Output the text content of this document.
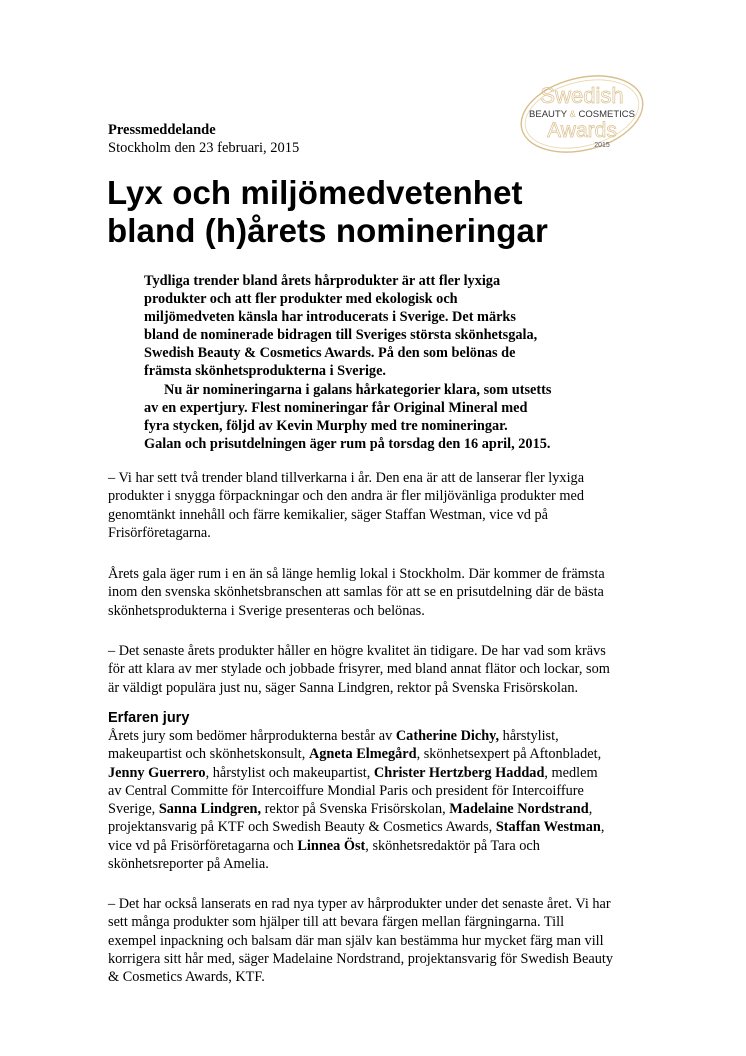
Swedish
BEAUTY & COSMETICS
Awards
2015
Pressmeddelande
Stockholm den 23 februari, 2015
Lyx och miljömedvetenhet
bland (h)årets nomineringar
Tydliga trender bland årets hårprodukter är att fler lyxiga
produkter och att fler produkter med ekologisk och
miljömedveten känsla har introducerats i Sverige. Det märks
bland de nominerade bidragen till Sveriges största skönhetsgala,
Swedish Beauty & Cosmetics Awards. På den som belönas de
främsta skönhetsprodukterna i Sverige.
Nu är nomineringarna i galans hårkategorier klara, som utsetts
av en expertjury. Flest nomineringar får Original Mineral med
fyra stycken, följd av Kevin Murphy med tre nomineringar.
Galan och prisutdelningen äger rum på torsdag den 16 april, 2015.
– Vi har sett två trender bland tillverkarna i år. Den ena är att de lanserar fler lyxiga
produkter i snygga förpackningar och den andra är fler miljövänliga produkter med
genomtänkt innehåll och färre kemikalier, säger Staffan Westman, vice vd på
Frisörföretagarna.
Årets gala äger rum i en än så länge hemlig lokal i Stockholm. Där kommer de främsta
inom den svenska skönhetsbranschen att samlas för att se en prisutdelning där de bästa
skönhetsprodukterna i Sverige presenteras och belönas.
– Det senaste årets produkter håller en högre kvalitet än tidigare. De har vad som krävs
för att klara av mer stylade och jobbade frisyrer, med bland annat flätor och lockar, som
är väldigt populära just nu, säger Sanna Lindgren, rektor på Svenska Frisörskolan.
Erfaren jury
Årets jury som bedömer hårprodukterna består av Catherine Dichy, hårstylist,
makeupartist och skönhetskonsult, Agneta Elmegård, skönhetsexpert på Aftonbladet,
Jenny Guerrero, hårstylist och makeupartist, Christer Hertzberg Haddad, medlem
av Central Committe för Intercoiffure Mondial Paris och president för Intercoiffure
Sverige, Sanna Lindgren, rektor på Svenska Frisörskolan, Madelaine Nordstrand,
projektansvarig på KTF och Swedish Beauty & Cosmetics Awards, Staffan Westman,
vice vd på Frisörföretagarna och Linnea Öst, skönhetsredaktör på Tara och
skönhetsreporter på Amelia.
– Det har också lanserats en rad nya typer av hårprodukter under det senaste året. Vi har
sett många produkter som hjälper till att bevara färgen mellan färgningarna. Till
exempel inpackning och balsam där man själv kan bestämma hur mycket färg man vill
korrigera sitt hår med, säger Madelaine Nordstrand, projektansvarig för Swedish Beauty
& Cosmetics Awards, KTF.
